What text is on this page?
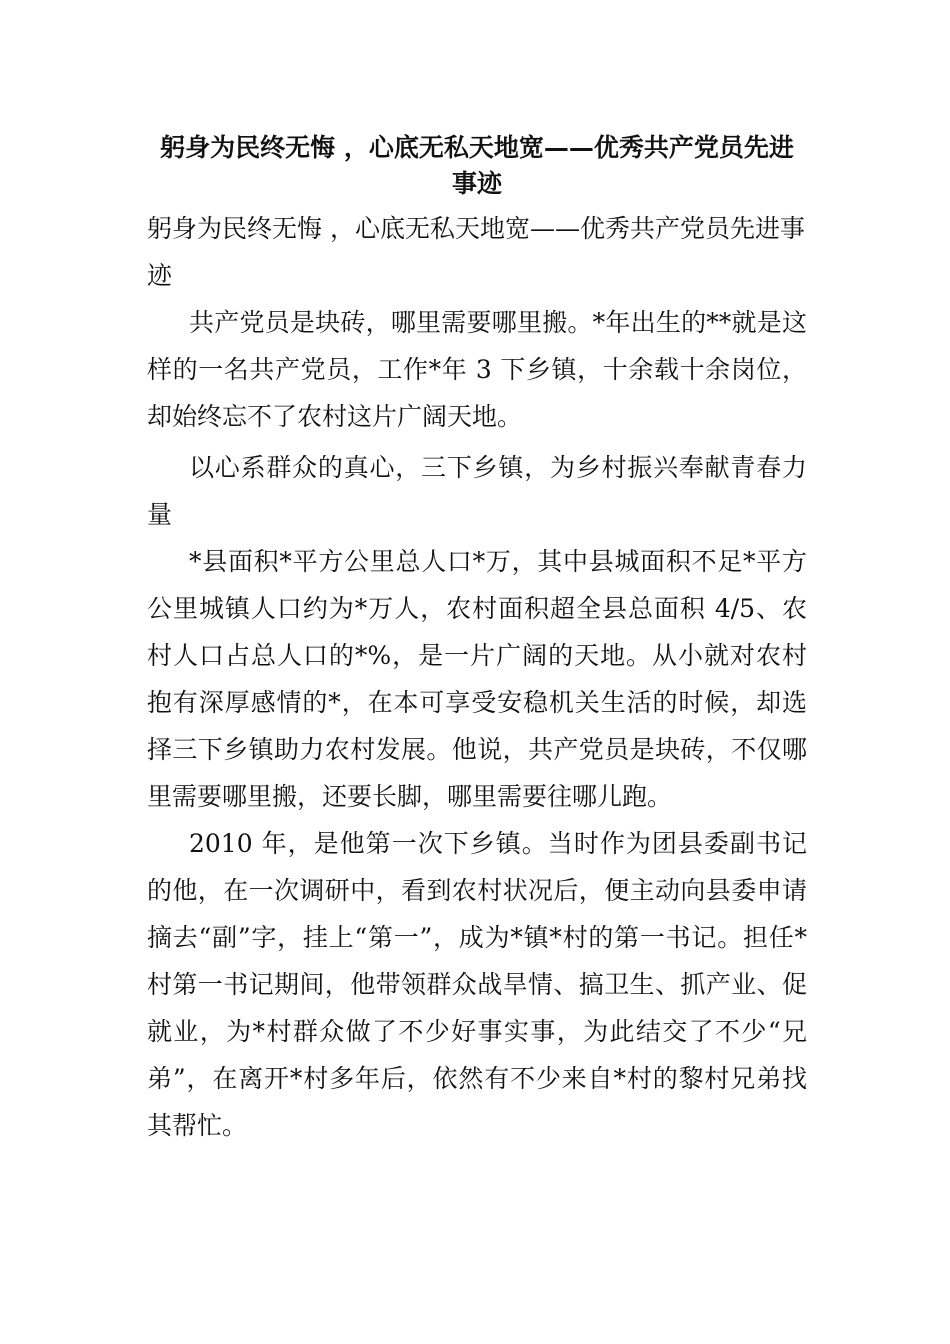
躬身为民终无悔 ，心底无私天地宽——优秀共产党员先进
事迹

躬身为民终无悔 ，心底无私天地宽——优秀共产党员先进事迹

共产党员是块砖，哪里需要哪里搬。*年出生的**就是这样的一名共产党员，工作*年 3 下乡镇，十余载十余岗位，却始终忘不了农村这片广阔天地。

以心系群众的真心，三下乡镇，为乡村振兴奉献青春力量

*县面积*平方公里总人口*万，其中县城面积不足*平方公里城镇人口约为*万人，农村面积超全县总面积 4/5、农村人口占总人口的*%，是一片广阔的天地。从小就对农村抱有深厚感情的*，在本可享受安稳机关生活的时候，却选择三下乡镇助力农村发展。他说，共产党员是块砖，不仅哪里需要哪里搬，还要长脚，哪里需要往哪儿跑。

2010 年，是他第一次下乡镇。当时作为团县委副书记的他，在一次调研中，看到农村状况后，便主动向县委申请摘去“副”字，挂上“第一”，成为*镇*村的第一书记。担任*村第一书记期间，他带领群众战旱情、搞卫生、抓产业、促就业，为*村群众做了不少好事实事，为此结交了不少“兄弟”，在离开*村多年后，依然有不少来自*村的黎村兄弟找其帮忙。
